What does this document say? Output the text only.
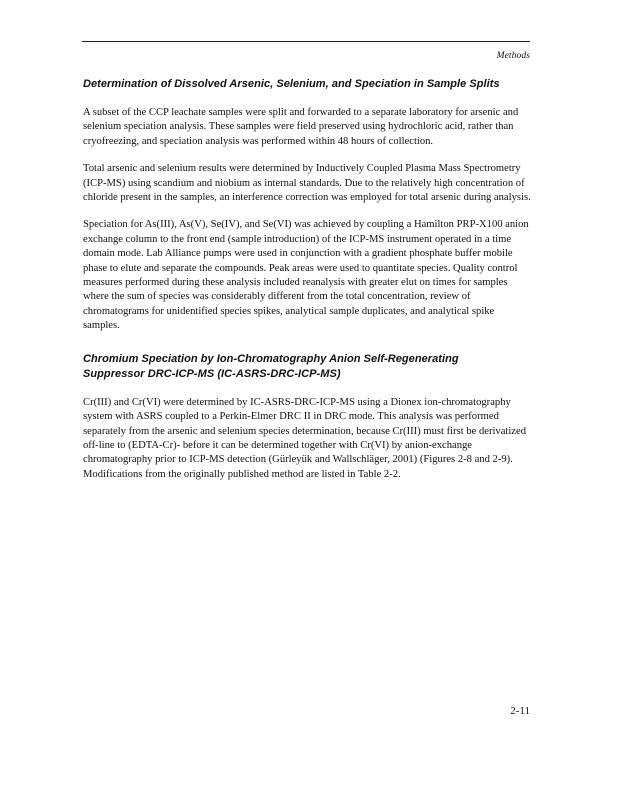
Methods

Determination of Dissolved Arsenic, Selenium, and Speciation in Sample Splits

A subset of the CCP leachate samples were split and forwarded to a separate laboratory for arsenic and selenium speciation analysis. These samples were field preserved using hydrochloric acid, rather than cryofreezing, and speciation analysis was performed within 48 hours of collection.

Total arsenic and selenium results were determined by Inductively Coupled Plasma Mass Spectrometry (ICP-MS) using scandium and niobium as internal standards. Due to the relatively high concentration of chloride present in the samples, an interference correction was employed for total arsenic during analysis.

Speciation for As(III), As(V), Se(IV), and Se(VI) was achieved by coupling a Hamilton PRP-X100 anion exchange column to the front end (sample introduction) of the ICP-MS instrument operated in a time domain mode. Lab Alliance pumps were used in conjunction with a gradient phosphate buffer mobile phase to elute and separate the compounds. Peak areas were used to quantitate species. Quality control measures performed during these analysis included reanalysis with greater elut on times for samples where the sum of species was considerably different from the total concentration, review of chromatograms for unidentified species spikes, analytical sample duplicates, and analytical spike samples.

Chromium Speciation by Ion-Chromatography Anion Self-Regenerating

Suppressor DRC-ICP-MS (IC-ASRS-DRC-ICP-MS)

Cr(III) and Cr(VI) were determined by IC-ASRS-DRC-ICP-MS using a Dionex ion-chromatography system with ASRS coupled to a Perkin-Elmer DRC II in DRC mode. This analysis was performed separately from the arsenic and selenium species determination, because Cr(III) must first be derivatized off-line to (EDTA-Cr)- before it can be determined together with Cr(VI) by anion-exchange chromatography prior to ICP-MS detection (Gürleyük and Wallschläger, 2001) (Figures 2-8 and 2-9). Modifications from the originally published method are listed in Table 2-2.

2-11
